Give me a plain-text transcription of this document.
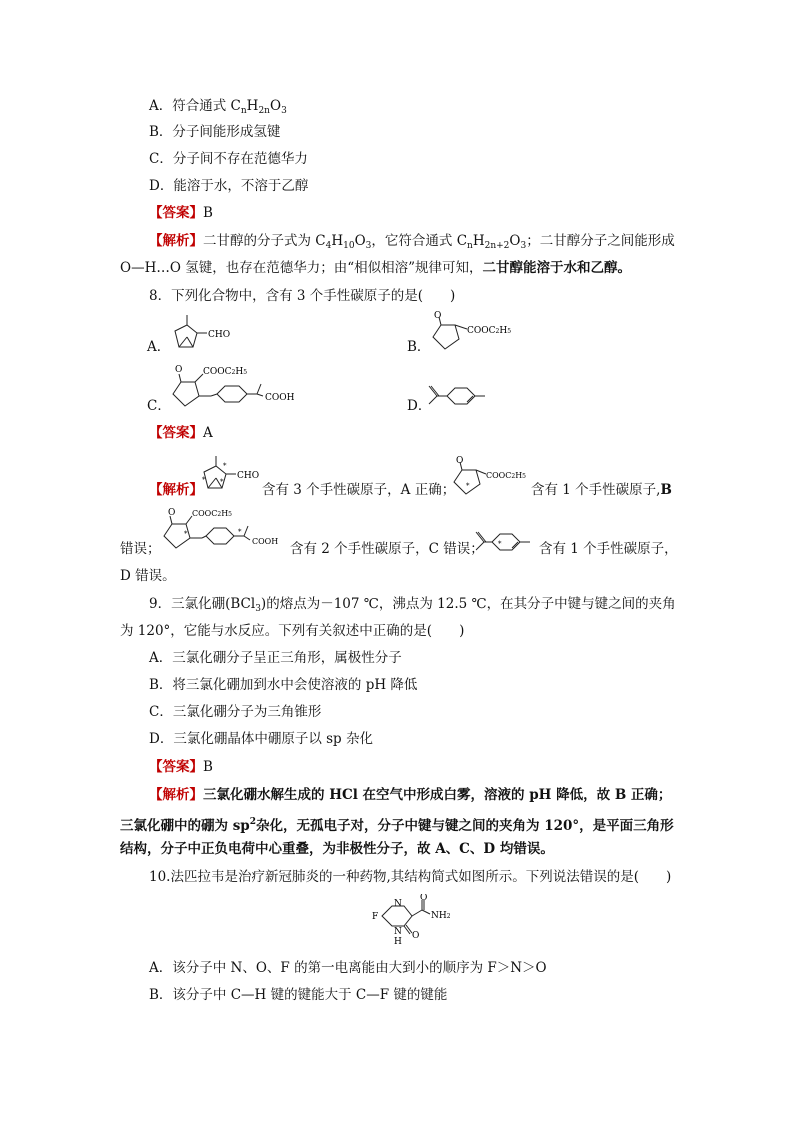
A．符合通式 $C_nH_{2n}O_3$
B．分子间能形成氢键
C．分子间不存在范德华力
D．能溶于水，不溶于乙醇
【答案】B
【解析】二甘醇的分子式为 $C_4H_{10}O_3$，它符合通式 $C_nH_{2n+2}O_3$；二甘醇分子之间能形成
O—H…O 氢键，也存在范德华力；由“相似相溶”规律可知，二甘醇能溶于水和乙醇。
8．下列化合物中，含有 3 个手性碳原子的是(　　)
A．
CHO
B．
O
COOC2H5
C．
O COOC2H5
COOH	D．
【答案】A
【解析】
*
*
*	CHO
含有 3 个手性碳原子，A 正确；
O
*
COOC2H5
含有 1 个手性碳原子,B
错误；
O
*	*
COOC2H5
COOH 含有 2 个手性碳原子，C 错误； *	含有 1 个手性碳原子，
D 错误。
9．三氯化硼(BCl$_3$)的熔点为－107 ℃，沸点为 12.5 ℃，在其分子中键与键之间的夹角
为 120°，它能与水反应。下列有关叙述中正确的是(　　)
A．三氯化硼分子呈正三角形，属极性分子
B．将三氯化硼加到水中会使溶液的 pH 降低
C．三氯化硼分子为三角锥形
D．三氯化硼晶体中硼原子以 sp 杂化
【答案】B
【解析】三氯化硼水解生成的 HCl 在空气中形成白雾，溶液的 pH 降低，故 B 正确；
三氯化硼中的硼为 $sp^2$杂化，无孤电子对，分子中键与键之间的夹角为 120°，是平面三角形
结构，分子中正负电荷中心重叠，为非极性分子，故 A、C、D 均错误。
10.法匹拉韦是治疗新冠肺炎的一种药物,其结构简式如图所示。下列说法错误的是(　　)
F
N
O
NH2
N
H
O
A．该分子中 N、O、F 的第一电离能由大到小的顺序为 F＞N＞O
B．该分子中 C—H 键的键能大于 C—F 键的键能
